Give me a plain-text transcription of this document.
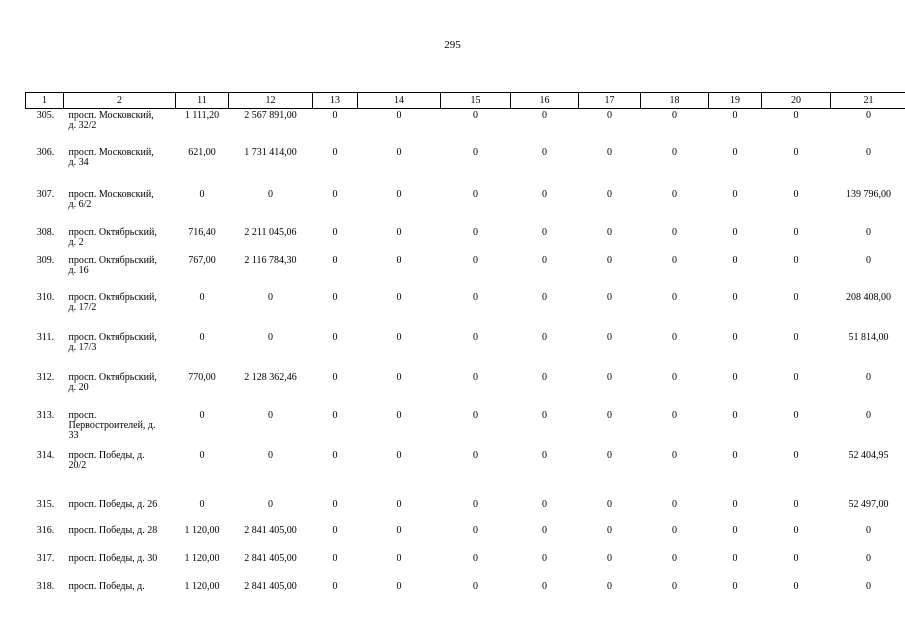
295
1	2	11	12	13	14	15	16	17	18	19	20	21

305.	просп. Московский, д. 32/2	1 111,20	2 567 891,00	0	0	0	0	0	0	0	0	0

306.	просп. Московский, д. 34	621,00	1 731 414,00	0	0	0	0	0	0	0	0	0

307.	просп. Московский, д. 6/2	0	0	0	0	0	0	0	0	0	0	139 796,00

308.	просп. Октябрьский, д. 2	716,40	2 211 045,06	0	0	0	0	0	0	0	0	0

309.	просп. Октябрьский, д. 16	767,00	2 116 784,30	0	0	0	0	0	0	0	0	0

310.	просп. Октябрьский, д. 17/2	0	0	0	0	0	0	0	0	0	0	208 408,00

311.	просп. Октябрьский, д. 17/3	0	0	0	0	0	0	0	0	0	0	51 814,00

312.	просп. Октябрьский, д. 20	770,00	2 128 362,46	0	0	0	0	0	0	0	0	0

313.	просп. Первостроителей, д. 33	0	0	0	0	0	0	0	0	0	0	0

314.	просп. Победы, д. 20/2	0	0	0	0	0	0	0	0	0	0	52 404,95

315.	просп. Победы, д. 26	0	0	0	0	0	0	0	0	0	0	52 497,00

316.	просп. Победы, д. 28	1 120,00	2 841 405,00	0	0	0	0	0	0	0	0	0

317.	просп. Победы, д. 30	1 120,00	2 841 405,00	0	0	0	0	0	0	0	0	0

318.	просп. Победы, д.	1 120,00	2 841 405,00	0	0	0	0	0	0	0	0	0
